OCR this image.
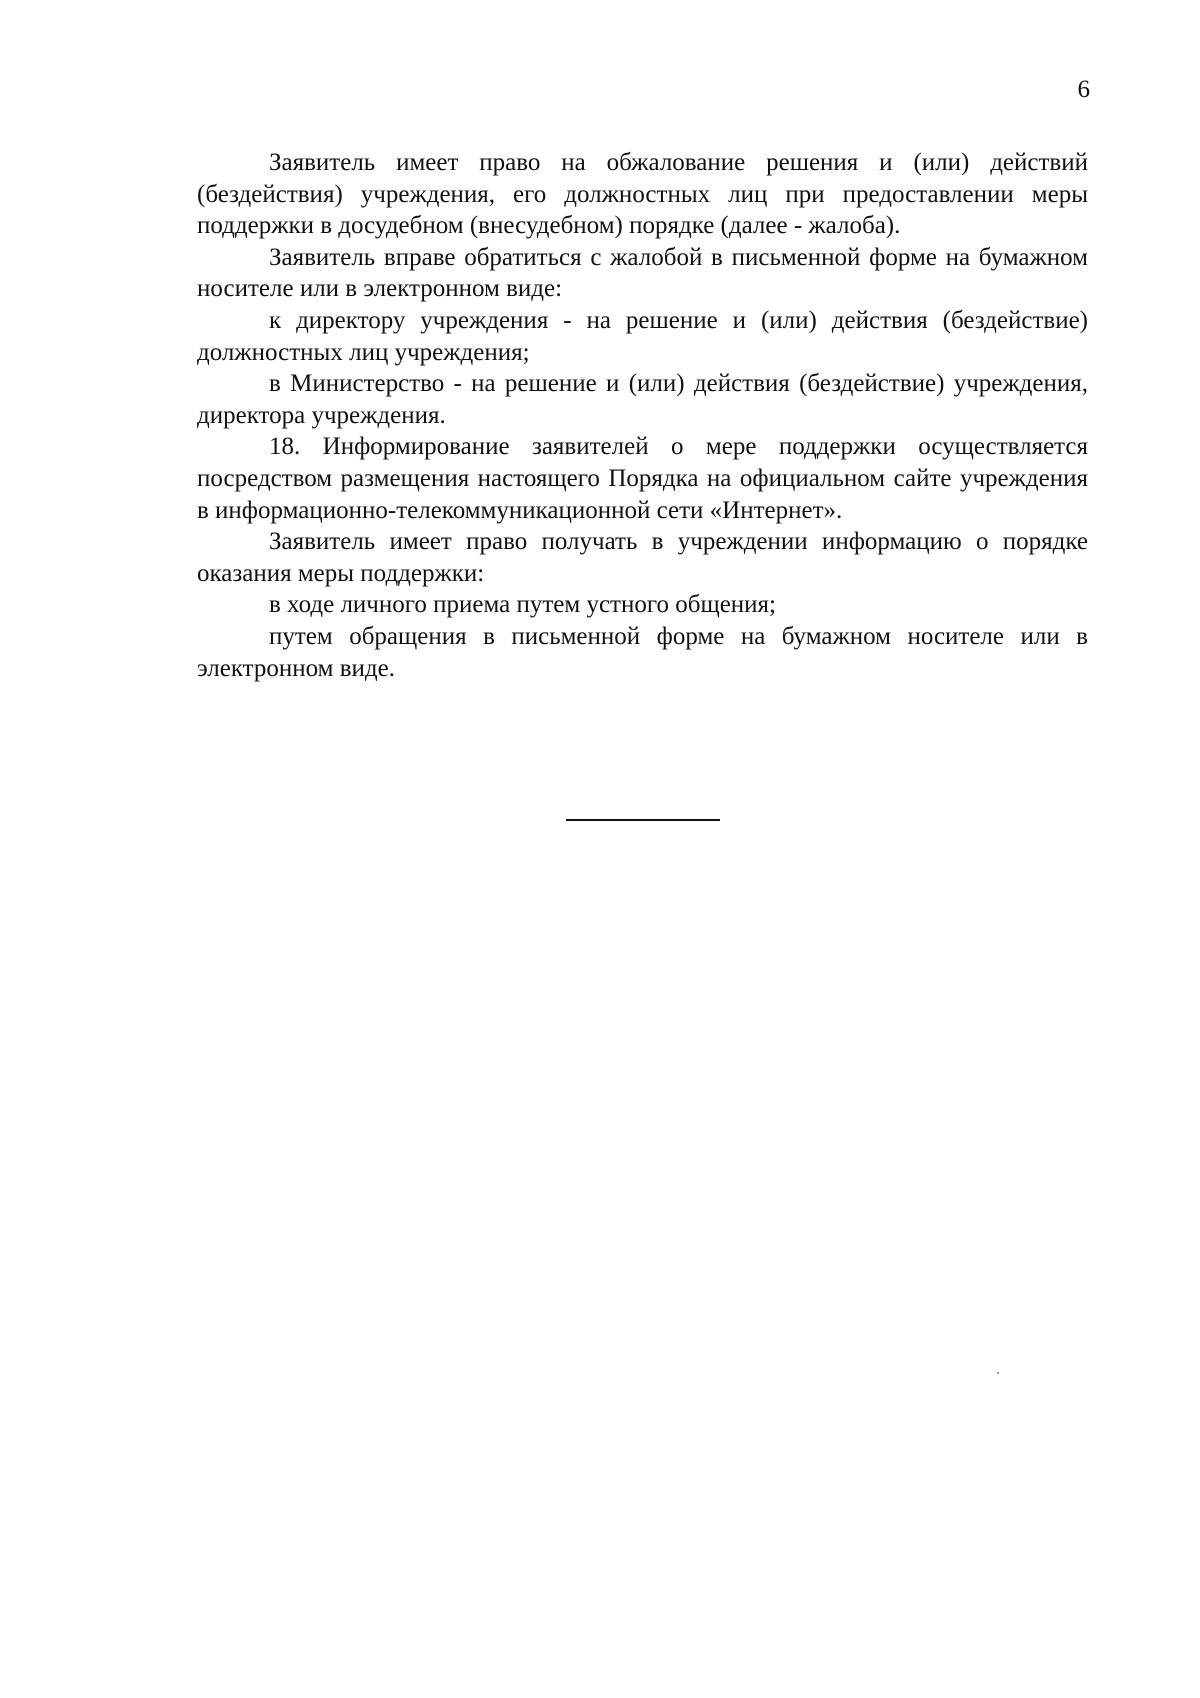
6

Заявитель имеет право на обжалование решения и (или) действий (бездействия) учреждения, его должностных лиц при предоставлении меры поддержки в досудебном (внесудебном) порядке (далее - жалоба).

Заявитель вправе обратиться с жалобой в письменной форме на бумажном носителе или в электронном виде:

к директору учреждения - на решение и (или) действия (бездействие) должностных лиц учреждения;

в Министерство - на решение и (или) действия (бездействие) учреждения, директора учреждения.

18. Информирование заявителей о мере поддержки осуществляется посредством размещения настоящего Порядка на официальном сайте учреждения в информационно-телекоммуникационной сети «Интернет».

Заявитель имеет право получать в учреждении информацию о порядке оказания меры поддержки:

в ходе личного приема путем устного общения;

путем обращения в письменной форме на бумажном носителе или в электронном виде.
